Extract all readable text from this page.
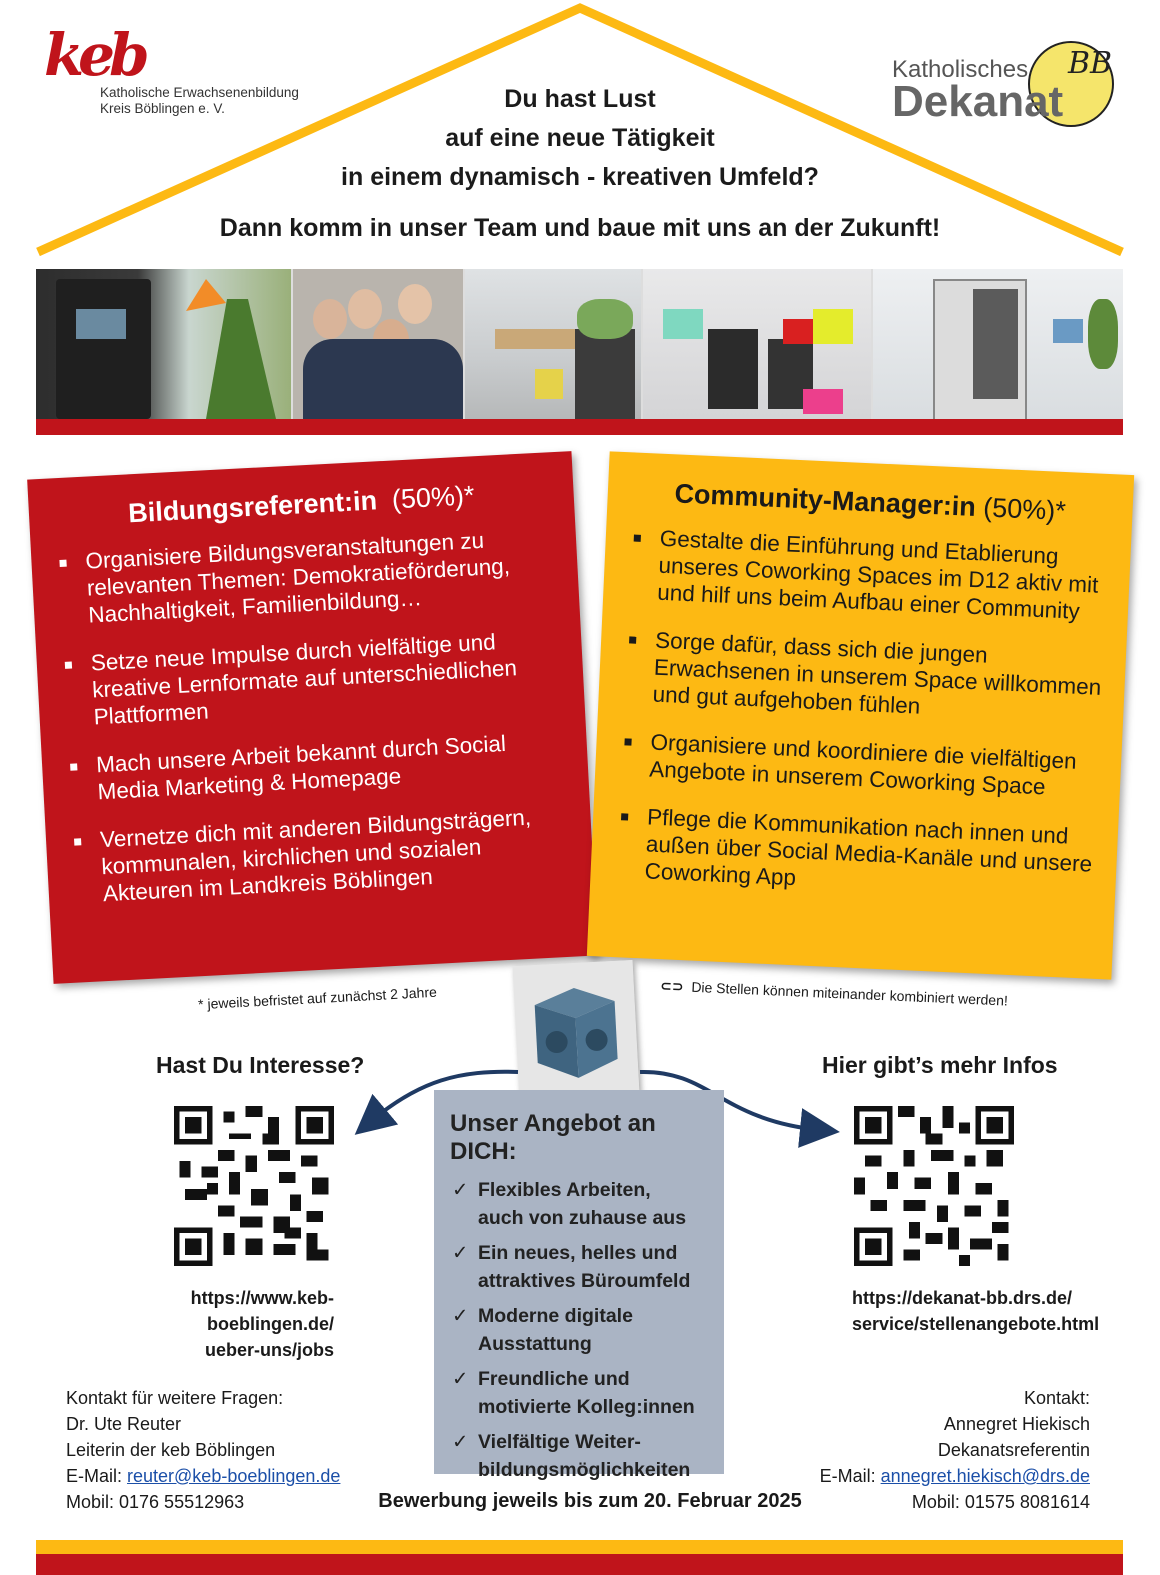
keb
Katholische Erwachsenenbildung
Kreis Böblingen e. V.
BB
Katholisches
Dekanat
Du hast Lust
auf eine neue Tätigkeit
in einem dynamisch - kreativen Umfeld?
Dann komm in unser Team und baue mit uns an der Zukunft!
Bildungsreferent:in (50%)*
Organisiere Bildungsveranstaltungen zu relevanten Themen: Demokratieförderung, Nachhaltigkeit, Familienbildung…
Setze neue Impulse durch vielfältige und kreative Lernformate auf unterschiedlichen Plattformen
Mach unsere Arbeit bekannt durch Social Media Marketing & Homepage
Vernetze dich mit anderen Bildungsträgern, kommunalen, kirchlichen und sozialen Akteuren im Landkreis Böblingen
Community-Manager:in (50%)*
Gestalte die Einführung und Etablierung unseres Coworking Spaces im D12 aktiv mit und hilf uns beim Aufbau einer Community
Sorge dafür, dass sich die jungen Erwachsenen in unserem Space willkommen und gut aufgehoben fühlen
Organisiere und koordiniere die vielfältigen Angebote in unserem Coworking Space
Pflege die Kommunikation nach innen und außen über Social Media-Kanäle und unsere Coworking App
* jeweils befristet auf zunächst 2 Jahre	⊂⊃ Die Stellen können miteinander kombiniert werden!
Hast Du Interesse?
https://www.keb-boeblingen.de/
ueber-uns/jobs
Hier gibt’s mehr Infos
https://dekanat-bb.drs.de/
service/stellenangebote.html
Unser Angebot an DICH:
✓ Flexibles Arbeiten,
auch von zuhause aus
✓ Ein neues, helles und
attraktives Büroumfeld
✓ Moderne digitale
Ausstattung
✓ Freundliche und
motivierte Kolleg:innen
✓ Vielfältige Weiter-
bildungsmöglichkeiten
Kontakt für weitere Fragen:
Dr. Ute Reuter
Leiterin der keb Böblingen
E-Mail: reuter@keb-boeblingen.de
Mobil: 0176 55512963
Kontakt:
Annegret Hiekisch
Dekanatsreferentin
E-Mail: annegret.hiekisch@drs.de
Mobil: 01575 8081614
Bewerbung jeweils bis zum 20. Februar 2025
